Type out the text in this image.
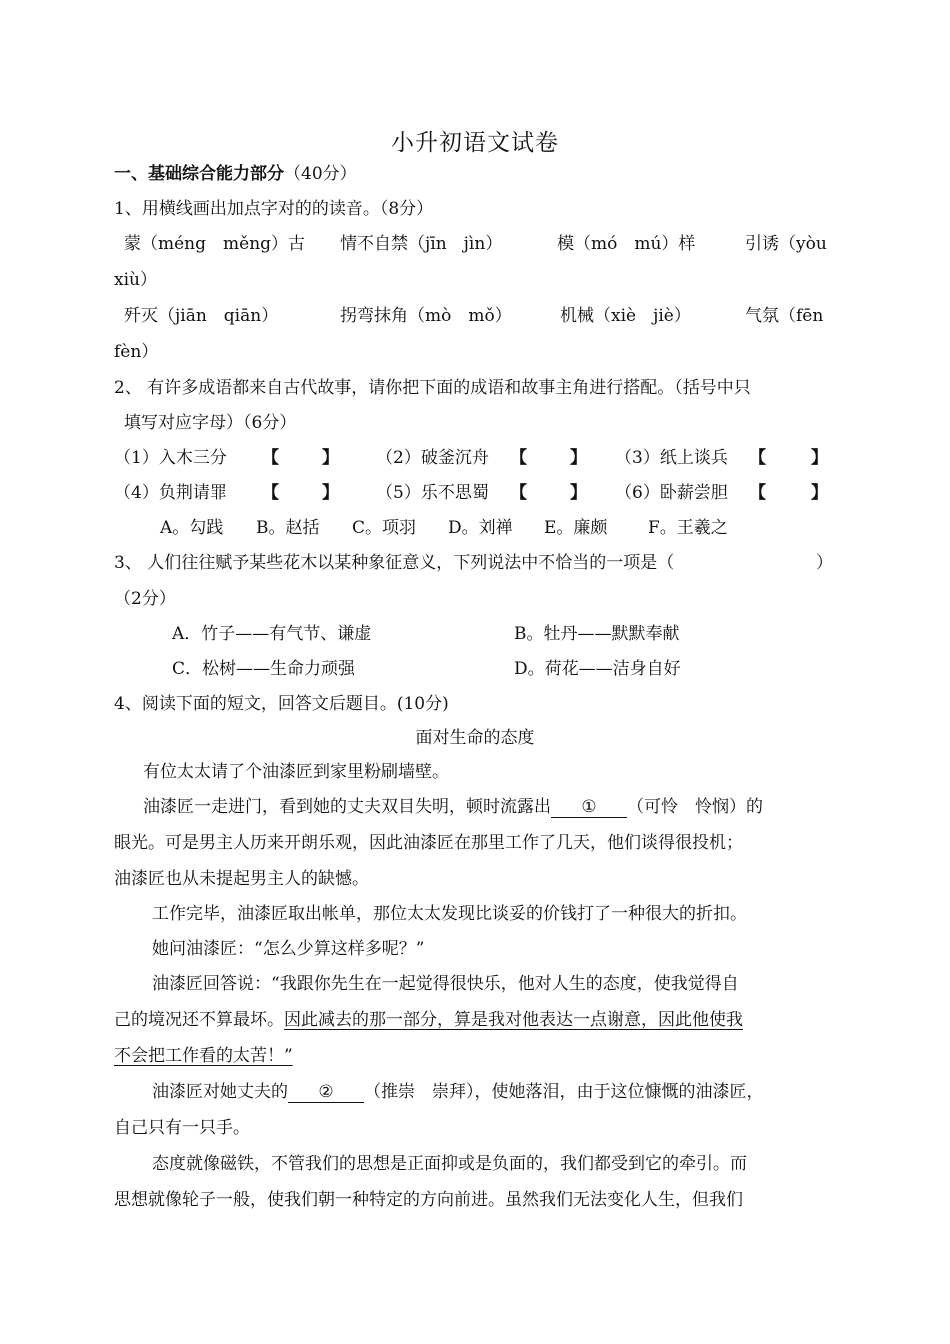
小升初语文试卷
一、基础综合能力部分（40分）
1、用横线画出加点字对的的读音。（8分）
蒙（méng　měng）古 情不自禁（jīn　jìn）	模（mó　mú）样	引诱（yòu
xiù）
歼灭（jiān　qiān）	拐弯抹角（mò　mǒ）	机械（xiè　jiè）	气氛（fēn
fèn）
2、 有许多成语都来自古代故事，请你把下面的成语和故事主角进行搭配。（括号中只
填写对应字母）（6分）
（1）入木三分 【	】 （2）破釜沉舟 【	】 （3）纸上谈兵 【	】
（4）负荆请罪 【	】 （5）乐不思蜀 【	】 （6）卧薪尝胆 【	】
A。勾践 B。赵括 C。项羽 D。刘禅 E。廉颇 F。王羲之
3、 人们往往赋予某些花木以某种象征意义，下列说法中不恰当的一项是（	）
（2分）
A．竹子——有气节、谦虚	B。牡丹——默默奉献
C．松树——生命力顽强	D。荷花——洁身自好
4、阅读下面的短文，回答文后题目。(10分)
面对生命的态度
有位太太请了个油漆匠到家里粉刷墙壁。
油漆匠一走进门，看到她的丈夫双目失明，顿时流露出 ① （可怜　怜悯）的
眼光。可是男主人历来开朗乐观，因此油漆匠在那里工作了几天，他们谈得很投机；
油漆匠也从未提起男主人的缺憾。
工作完毕，油漆匠取出帐单，那位太太发现比谈妥的价钱打了一种很大的折扣。
她问油漆匠：“怎么少算这样多呢？”
油漆匠回答说：“我跟你先生在一起觉得很快乐，他对人生的态度，使我觉得自
己的境况还不算最坏。因此减去的那一部分，算是我对他表达一点谢意，因此他使我
不会把工作看的太苦！”
油漆匠对她丈夫的 ② （推崇　崇拜），使她落泪，由于这位慷慨的油漆匠，
自己只有一只手。
态度就像磁铁，不管我们的思想是正面抑或是负面的，我们都受到它的牵引。而
思想就像轮子一般，使我们朝一种特定的方向前进。虽然我们无法变化人生，但我们
